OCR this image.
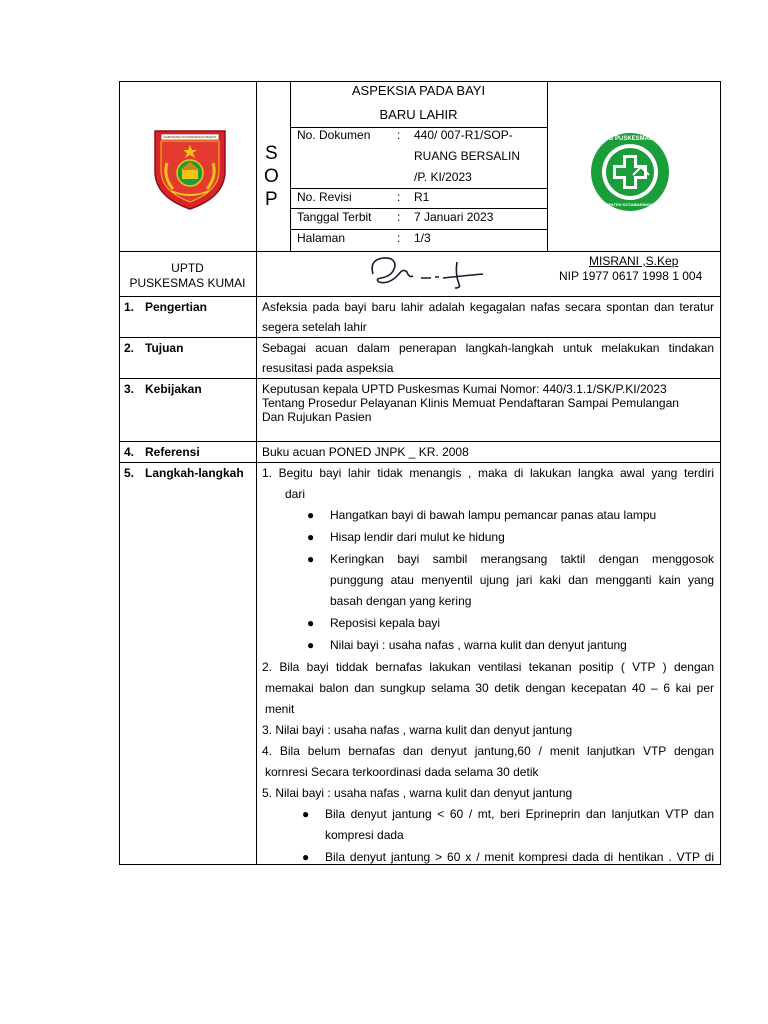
KABUPATEN KOTAWARINGIN BARAT
S
O
P
ASPEKSIA PADA BAYI
BARU LAHIR
No. Dokumen : 440/ 007-R1/SOP-
RUANG BERSALIN
/P. KI/2023
No. Revisi	: R1
Tanggal Terbit : 7 Januari 2023
Halaman	: 1/3
UPTD PUSKESMAS KUMAI
KABUPATEN KOTAWARINGIN BARAT
UPTD
PUSKESMAS KUMAI
MISRANI ,S.Kep
NIP 1977 0617 1998 1 004
1. Pengertian	Asfeksia pada bayi baru lahir adalah kegagalan nafas secara spontan dan teratur
segera setelah lahir
2. Tujuan	Sebagai acuan dalam penerapan langkah-langkah untuk melakukan tindakan
resusitasi pada aspeksia
3. Kebijakan	Keputusan kepala UPTD Puskesmas Kumai Nomor: 440/3.1.1/SK/P.KI/2023
Tentang Prosedur Pelayanan Klinis Memuat Pendaftaran Sampai Pemulangan
Dan Rujukan Pasien
4. Referensi	Buku acuan PONED JNPK _ KR. 2008
5. Langkah-langkah 1. Begitu bayi lahir tidak menangis , maka di lakukan langka awal yang terdiri
dari
● Hangatkan bayi di bawah lampu pemancar panas atau lampu
● Hisap lendir dari mulut ke hidung
● Keringkan bayi sambil merangsang taktil dengan menggosok
punggung atau menyentil ujung jari kaki dan mengganti kain yang
basah dengan yang kering
● Reposisi kepala bayi
● Nilai bayi : usaha nafas , warna kulit dan denyut jantung
2. Bila bayi tiddak bernafas lakukan ventilasi tekanan positip ( VTP ) dengan
memakai balon dan sungkup selama 30 detik dengan kecepatan 40 – 6 kai per
menit
3. Nilai bayi : usaha nafas , warna kulit dan denyut jantung
4. Bila belum bernafas dan denyut jantung,60 / menit lanjutkan VTP dengan
kornresi Secara terkoordinasi dada selama 30 detik
5. Nilai bayi : usaha nafas , warna kulit dan denyut jantung
● Bila denyut jantung < 60 / mt, beri Eprineprin dan lanjutkan VTP dan
kompresi dada
● Bila denyut jantung > 60 x / menit kompresi dada di hentikan . VTP di
